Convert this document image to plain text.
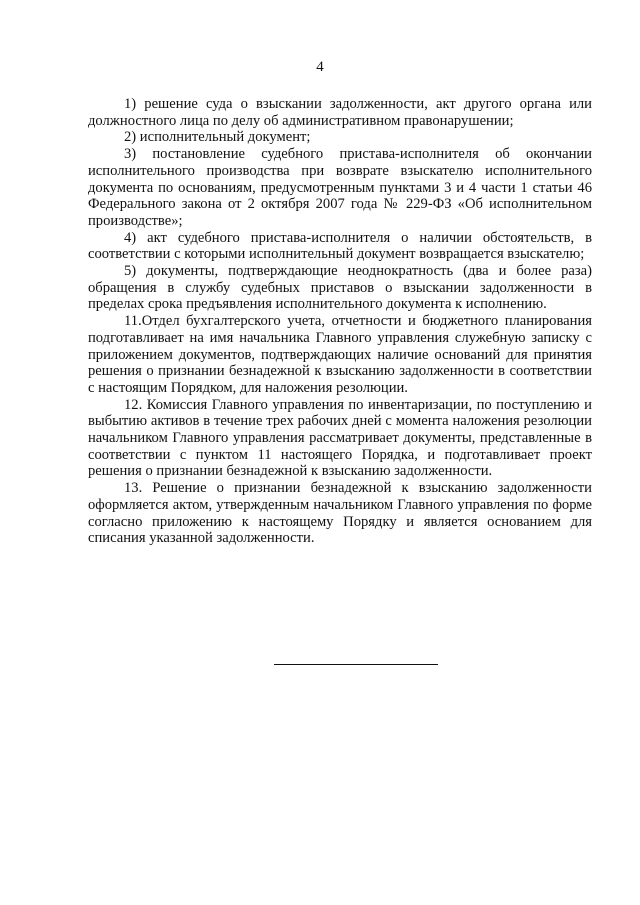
4

1) решение суда о взыскании задолженности, акт другого органа или должностного лица по делу об административном правонарушении;

2) исполнительный документ;

3) постановление судебного пристава-исполнителя об окончании исполнительного производства при возврате взыскателю исполнительного документа по основаниям, предусмотренным пунктами 3 и 4 части 1 статьи 46 Федерального закона от 2 октября 2007 года № 229-ФЗ «Об исполнительном производстве»;

4) акт судебного пристава-исполнителя о наличии обстоятельств, в соответствии с которыми исполнительный документ возвращается взыскателю;

5) документы, подтверждающие неоднократность (два и более раза) обращения в службу судебных приставов о взыскании задолженности в пределах срока предъявления исполнительного документа к исполнению.

11.Отдел бухгалтерского учета, отчетности и бюджетного планирования подготавливает на имя начальника Главного управления служебную записку с приложением документов, подтверждающих наличие оснований для принятия решения о признании безнадежной к взысканию задолженности в соответствии с настоящим Порядком, для наложения резолюции.

12. Комиссия Главного управления по инвентаризации, по поступлению и выбытию активов в течение трех рабочих дней с момента наложения резолюции начальником Главного управления рассматривает документы, представленные в соответствии с пунктом 11 настоящего Порядка, и подготавливает проект решения о признании безнадежной к взысканию задолженности.

13. Решение о признании безнадежной к взысканию задолженности оформляется актом, утвержденным начальником Главного управления по форме согласно приложению к настоящему Порядку и является основанием для списания указанной задолженности.
